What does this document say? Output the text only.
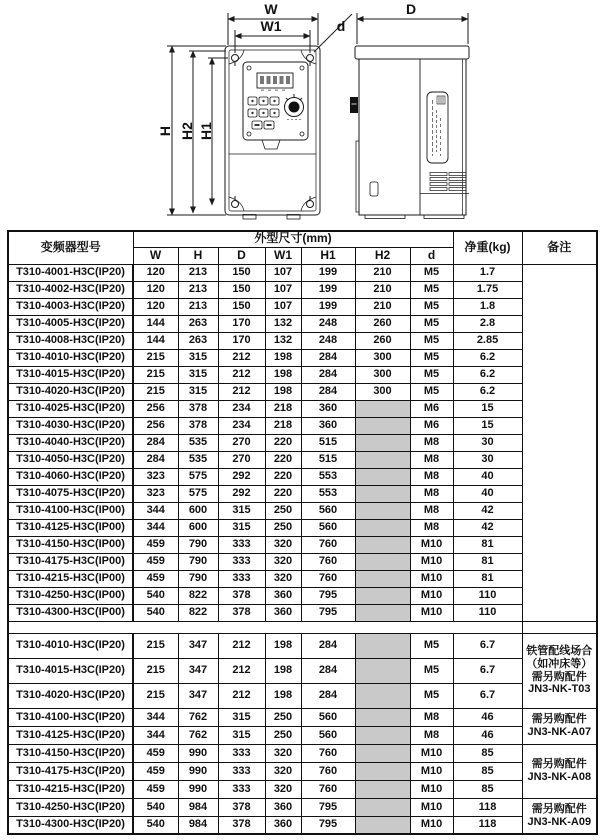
W
W1	d
H H2 H1
D
变频器型号	外型尺寸(mm)							净重(kg)	备注
	W	H	D	W1	H1	H2	d		
T310-4001-H3C(IP20)	120	213	150	107	199	210	M5	1.7	
T310-4002-H3C(IP20)	120	213	150	107	199	210	M5	1.75	
T310-4003-H3C(IP20)	120	213	150	107	199	210	M5	1.8	
T310-4005-H3C(IP20)	144	263	170	132	248	260	M5	2.8	
T310-4008-H3C(IP20)	144	263	170	132	248	260	M5	2.85	
T310-4010-H3C(IP20)	215	315	212	198	284	300	M5	6.2	
T310-4015-H3C(IP20)	215	315	212	198	284	300	M5	6.2	
T310-4020-H3C(IP20)	215	315	212	198	284	300	M5	6.2	
T310-4025-H3C(IP20)	256	378	234	218	360		M6	15	
T310-4030-H3C(IP20)	256	378	234	218	360		M6	15	
T310-4040-H3C(IP20)	284	535	270	220	515		M8	30	
T310-4050-H3C(IP20)	284	535	270	220	515		M8	30	
T310-4060-H3C(IP20)	323	575	292	220	553		M8	40	
T310-4075-H3C(IP20)	323	575	292	220	553		M8	40	
T310-4100-H3C(IP00)	344	600	315	250	560		M8	42	
T310-4125-H3C(IP00)	344	600	315	250	560		M8	42	
T310-4150-H3C(IP00)	459	790	333	320	760		M10	81	
T310-4175-H3C(IP00)	459	790	333	320	760		M10	81	
T310-4215-H3C(IP00)	459	790	333	320	760		M10	81	
T310-4250-H3C(IP00)	540	822	378	360	795		M10	110	
T310-4300-H3C(IP00)	540	822	378	360	795		M10	110	

T310-4010-H3C(IP20)	215	347	212	198	284		M5	6.7	铁管配线场合
（如冲床等）
需另购配件
JN3-NK-T03
T310-4015-H3C(IP20)	215	347	212	198	284		M5	6.7	
T310-4020-H3C(IP20)	215	347	212	198	284		M5	6.7	
T310-4100-H3C(IP20)	344	762	315	250	560		M8	46	需另购配件
JN3-NK-A07
T310-4125-H3C(IP20)	344	762	315	250	560		M8	46	
T310-4150-H3C(IP20)	459	990	333	320	760		M10	85	需另购配件
JN3-NK-A08
T310-4175-H3C(IP20)	459	990	333	320	760		M10	85	
T310-4215-H3C(IP20)	459	990	333	320	760		M10	85	
T310-4250-H3C(IP20)	540	984	378	360	795		M10	118	需另购配件
JN3-NK-A09
T310-4300-H3C(IP20)	540	984	378	360	795		M10	118	
